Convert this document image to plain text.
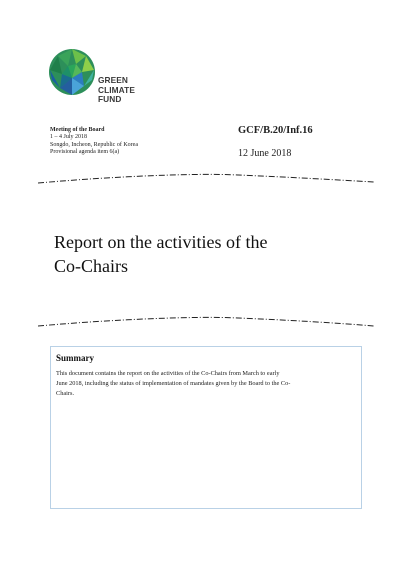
GREEN
CLIMATE
FUND
Meeting of the Board
1 – 4 July 2018
Songdo, Incheon, Republic of Korea
Provisional agenda item 6(a)
GCF/B.20/Inf.16
12 June 2018
Report on the activities of the
Co-Chairs
Summary
This document contains the report on the activities of the Co-Chairs from March to early
June 2018, including the status of implementation of mandates given by the Board to the Co-
Chairs.
